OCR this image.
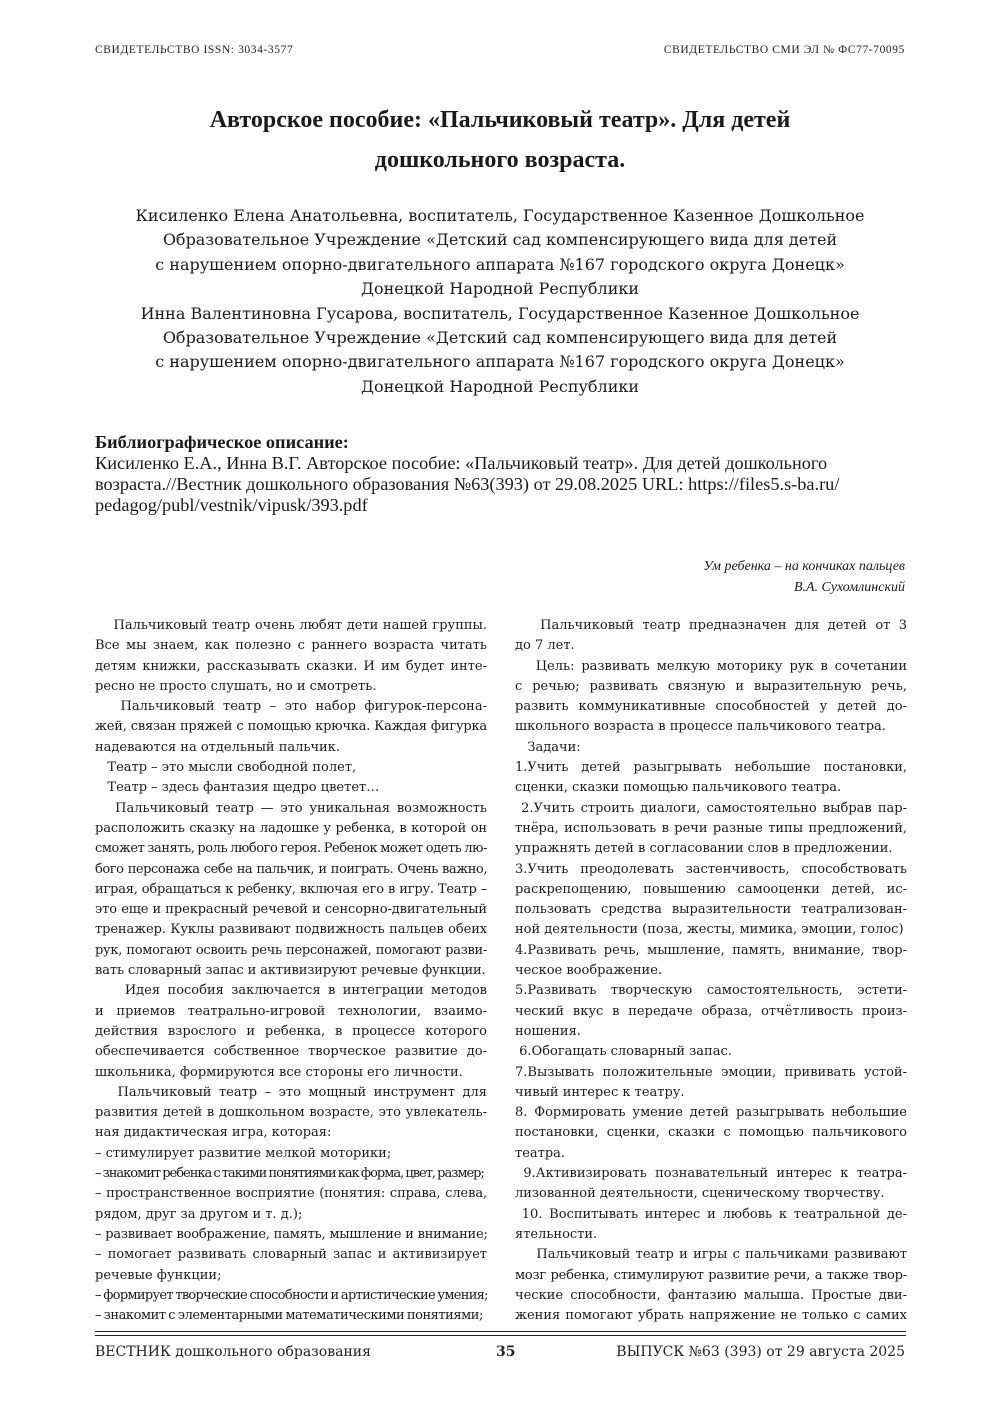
СВИДЕТЕЛЬСТВО ISSN: 3034-3577	СВИДЕТЕЛЬСТВО СМИ ЭЛ № ФС77-70095
Авторское пособие: «Пальчиковый театр». Для детей
дошкольного возраста.
Кисиленко Елена Анатольевна, воспитатель, Государственное Казенное Дошкольное
Образовательное Учреждение «Детский сад компенсирующего вида для детей
с нарушением опорно-двигательного аппарата №167 городского округа Донецк»
Донецкой Народной Республики
Инна Валентиновна Гусарова, воспитатель, Государственное Казенное Дошкольное
Образовательное Учреждение «Детский сад компенсирующего вида для детей
с нарушением опорно-двигательного аппарата №167 городского округа Донецк»
Донецкой Народной Республики
Библиографическое описание:
Кисиленко Е.А., Инна В.Г. Авторское пособие: «Пальчиковый театр». Для детей дошкольного
возраста.//Вестник дошкольного образования №63(393) от 29.08.2025 URL: https://files5.s-ba.ru/
pedagog/publ/vestnik/vipusk/393.pdf
Ум ребенка – на кончиках пальцев
В.А. Сухомлинский
Пальчиковый театр очень любят дети нашей группы.
Все мы знаем, как полезно с раннего возраста читать
детям книжки, рассказывать сказки. И им будет инте-
ресно не просто слушать, но и смотреть.
Пальчиковый театр – это набор фигурок-персона-
жей, связан пряжей с помощью крючка. Каждая фигурка
надеваются на отдельный пальчик.
Театр – это мысли свободной полет,
Театр – здесь фантазия щедро цветет…
Пальчиковый театр — это уникальная возможность
расположить сказку на ладошке у ребенка, в которой он
сможет занять, роль любого героя. Ребенок может одеть лю-
бого персонажа себе на пальчик, и поиграть. Очень важно,
играя, обращаться к ребенку, включая его в игру. Театр –
это еще и прекрасный речевой и сенсорно-двигательный
тренажер. Куклы развивают подвижность пальцев обеих
рук, помогают освоить речь персонажей, помогают разви-
вать словарный запас и активизируют речевые функции.
Идея пособия заключается в интеграции методов
и приемов театрально-игровой технологии, взаимо-
действия взрослого и ребенка, в процессе которого
обеспечивается собственное творческое развитие до-
школьника, формируются все стороны его личности.
Пальчиковый театр – это мощный инструмент для
развития детей в дошкольном возрасте, это увлекатель-
ная дидактическая игра, которая:
– стимулирует развитие мелкой моторики;
– знакомит ребенка с такими понятиями как форма, цвет, размер;
– пространственное восприятие (понятия: справа, слева,
рядом, друг за другом и т. д.);
– развивает воображение, память, мышление и внимание;
– помогает развивать словарный запас и активизирует
речевые функции;
– формирует творческие способности и артистические умения;
– знакомит с элементарными математическими понятиями;
Пальчиковый театр предназначен для детей от 3
до 7 лет.
Цель: развивать мелкую моторику рук в сочетании
с речью; развивать связную и выразительную речь,
развить коммуникативные способностей у детей до-
школьного возраста в процессе пальчикового театра.
Задачи:
1.Учить детей разыгрывать небольшие постановки,
сценки, сказки помощью пальчикового театра.
2.Учить строить диалоги, самостоятельно выбрав пар-
тнёра, использовать в речи разные типы предложений,
упражнять детей в согласовании слов в предложении.
3.Учить преодолевать застенчивость, способствовать
раскрепощению, повышению самооценки детей, ис-
пользовать средства выразительности театрализован-
ной деятельности (поза, жесты, мимика, эмоции, голос)
4.Развивать речь, мышление, память, внимание, твор-
ческое воображение.
5.Развивать творческую самостоятельность, эстети-
ческий вкус в передаче образа, отчётливость произ-
ношения.
6.Обогащать словарный запас.
7.Вызывать положительные эмоции, прививать устой-
чивый интерес к театру.
8. Формировать умение детей разыгрывать небольшие
постановки, сценки, сказки с помощью пальчикового
театра.
9.Активизировать познавательный интерес к театра-
лизованной деятельности, сценическому творчеству.
10. Воспитывать интерес и любовь к театральной де-
ятельности.
Пальчиковый театр и игры с пальчиками развивают
мозг ребенка, стимулируют развитие речи, а также твор-
ческие способности, фантазию малыша. Простые дви-
жения помогают убрать напряжение не только с самих
ВЕСТНИК дошкольного образования	35	ВЫПУСК №63 (393) от 29 августа 2025
